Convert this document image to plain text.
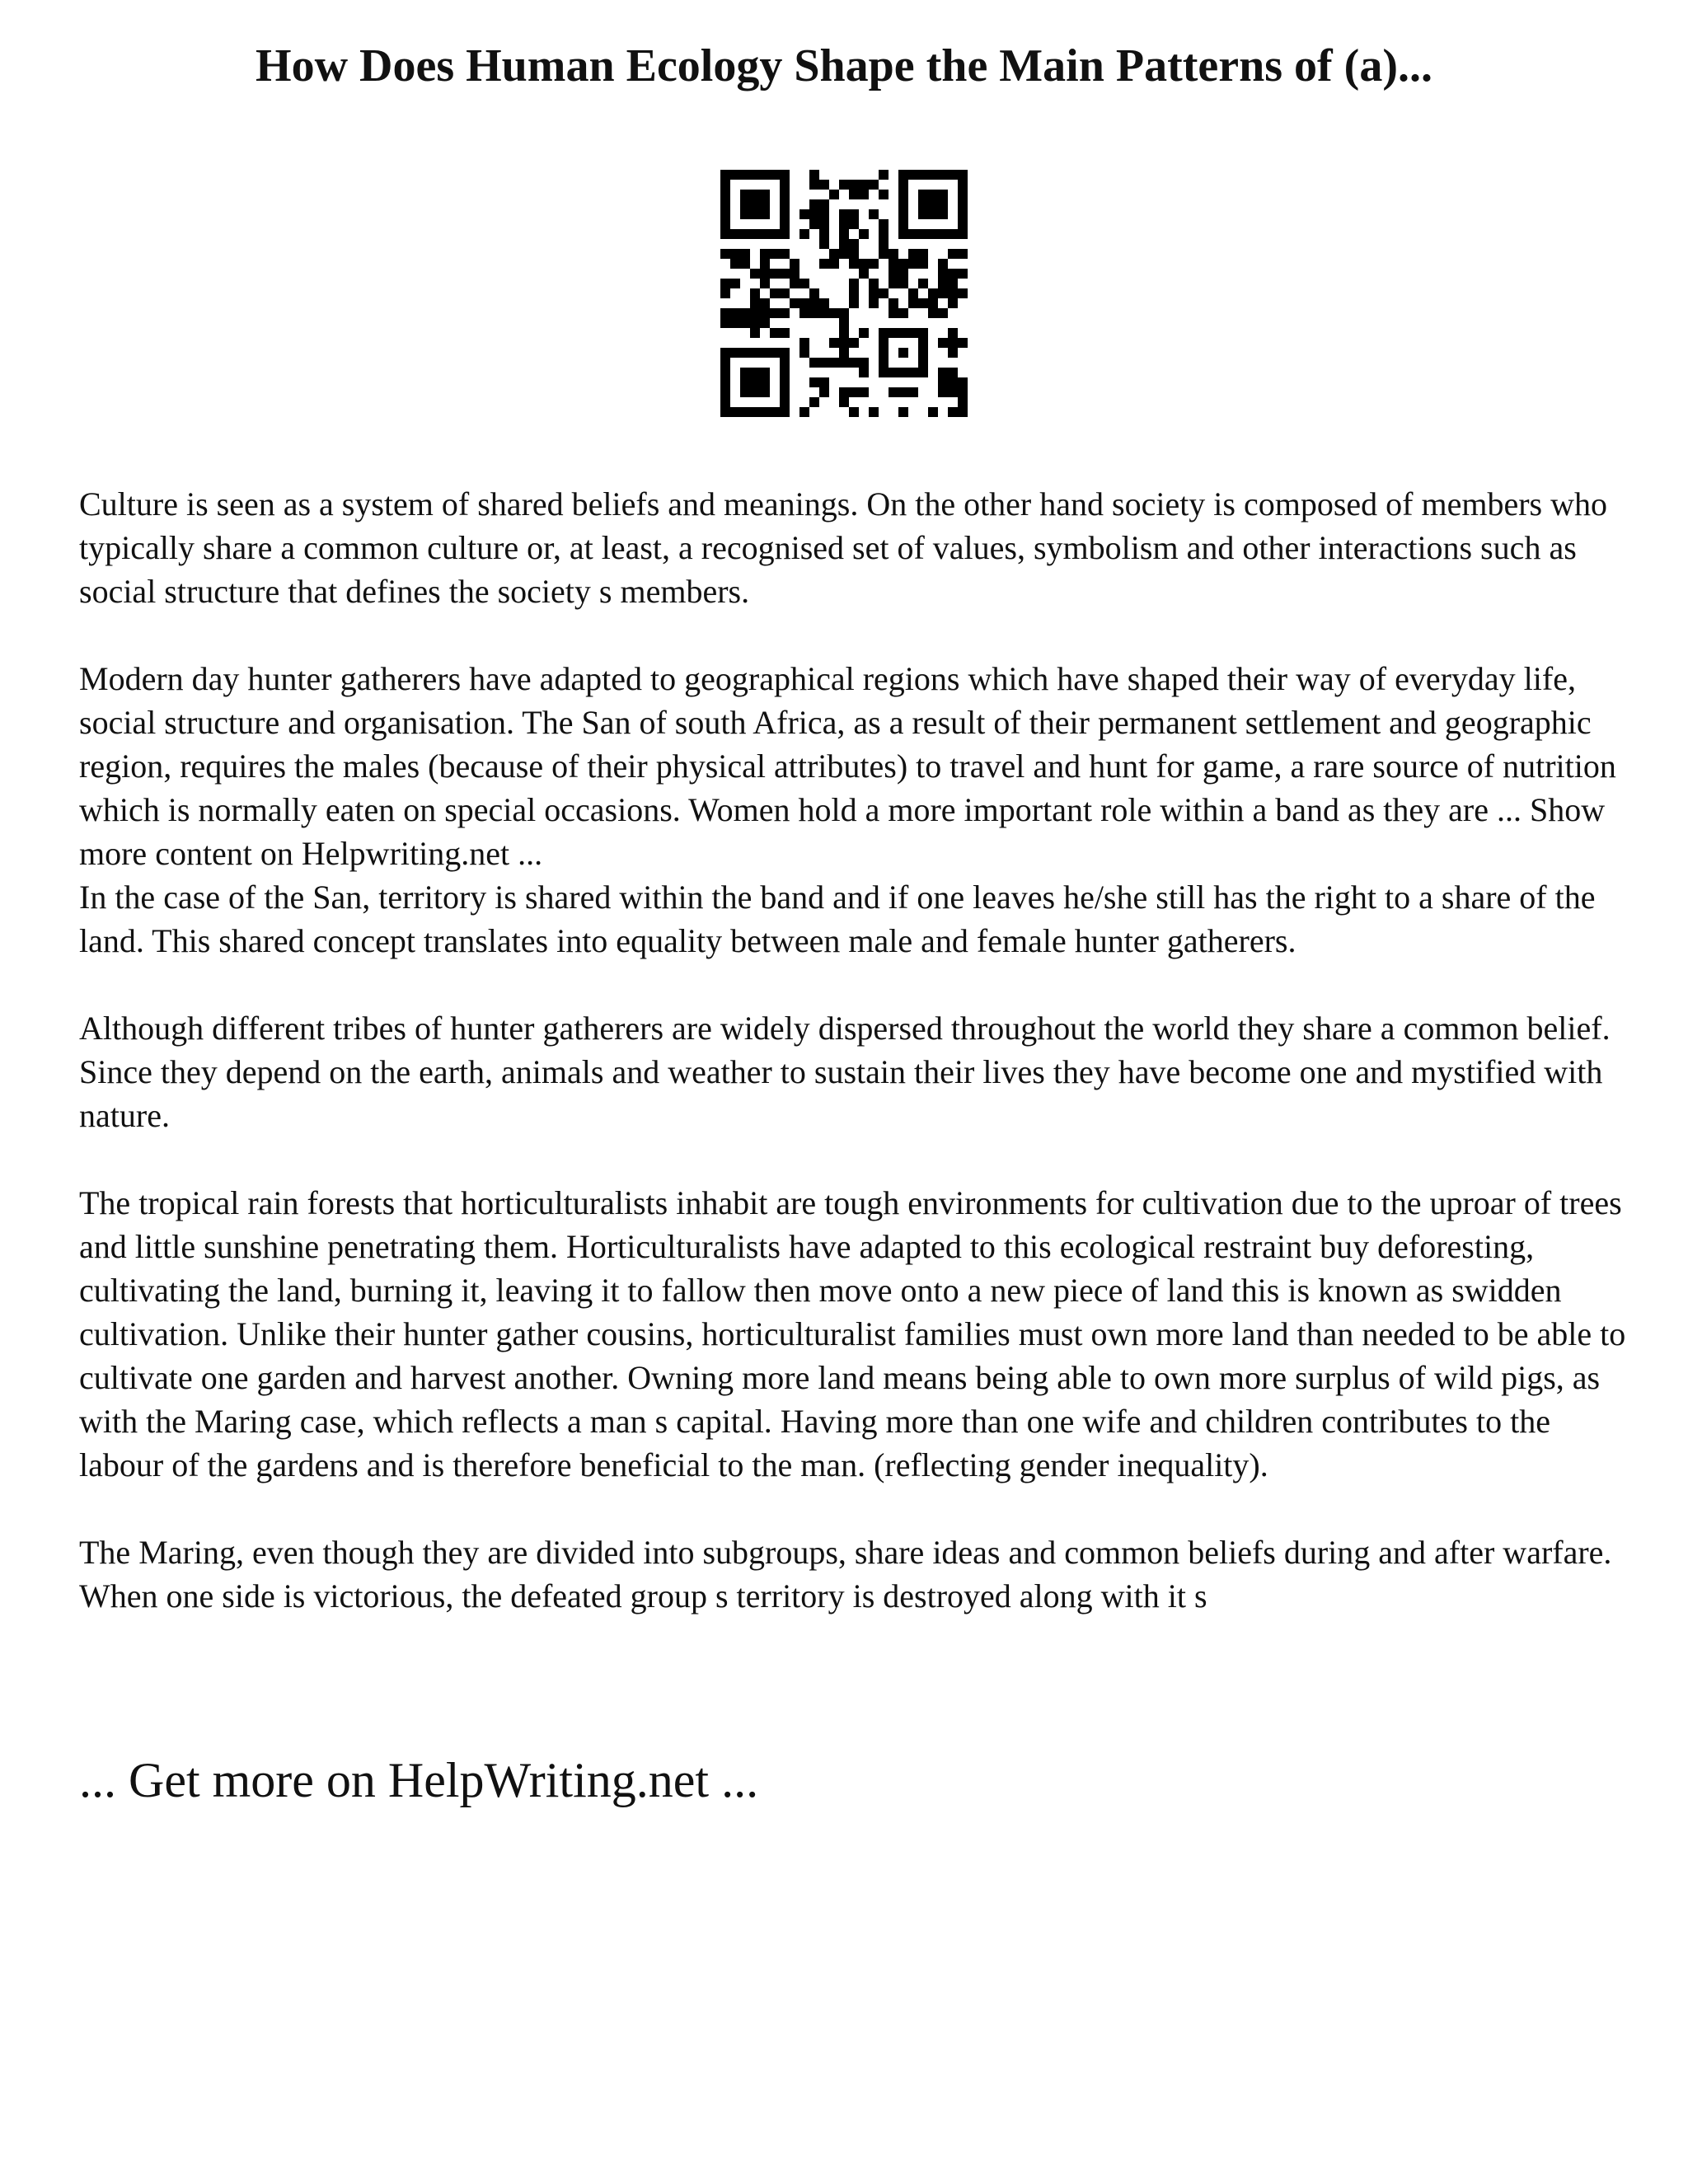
How Does Human Ecology Shape the Main Patterns of (a)...

Culture is seen as a system of shared beliefs and meanings. On the other hand society is composed of members who typically share a common culture or, at least, a recognised set of values, symbolism and other interactions such as social structure that defines the society s members.

Modern day hunter gatherers have adapted to geographical regions which have shaped their way of everyday life, social structure and organisation. The San of south Africa, as a result of their permanent settlement and geographic region, requires the males (because of their physical attributes) to travel and hunt for game, a rare source of nutrition which is normally eaten on special occasions. Women hold a more important role within a band as they are ... Show more content on Helpwriting.net ...

In the case of the San, territory is shared within the band and if one leaves he/she still has the right to a share of the land. This shared concept translates into equality between male and female hunter gatherers.

Although different tribes of hunter gatherers are widely dispersed throughout the world they share a common belief. Since they depend on the earth, animals and weather to sustain their lives they have become one and mystified with nature.

The tropical rain forests that horticulturalists inhabit are tough environments for cultivation due to the uproar of trees and little sunshine penetrating them. Horticulturalists have adapted to this ecological restraint buy deforesting, cultivating the land, burning it, leaving it to fallow then move onto a new piece of land this is known as swidden cultivation. Unlike their hunter gather cousins, horticulturalist families must own more land than needed to be able to cultivate one garden and harvest another. Owning more land means being able to own more surplus of wild pigs, as with the Maring case, which reflects a man s capital. Having more than one wife and children contributes to the labour of the gardens and is therefore beneficial to the man. (reflecting gender inequality).

The Maring, even though they are divided into subgroups, share ideas and common beliefs during and after warfare. When one side is victorious, the defeated group s territory is destroyed along with it s

... Get more on HelpWriting.net ...
